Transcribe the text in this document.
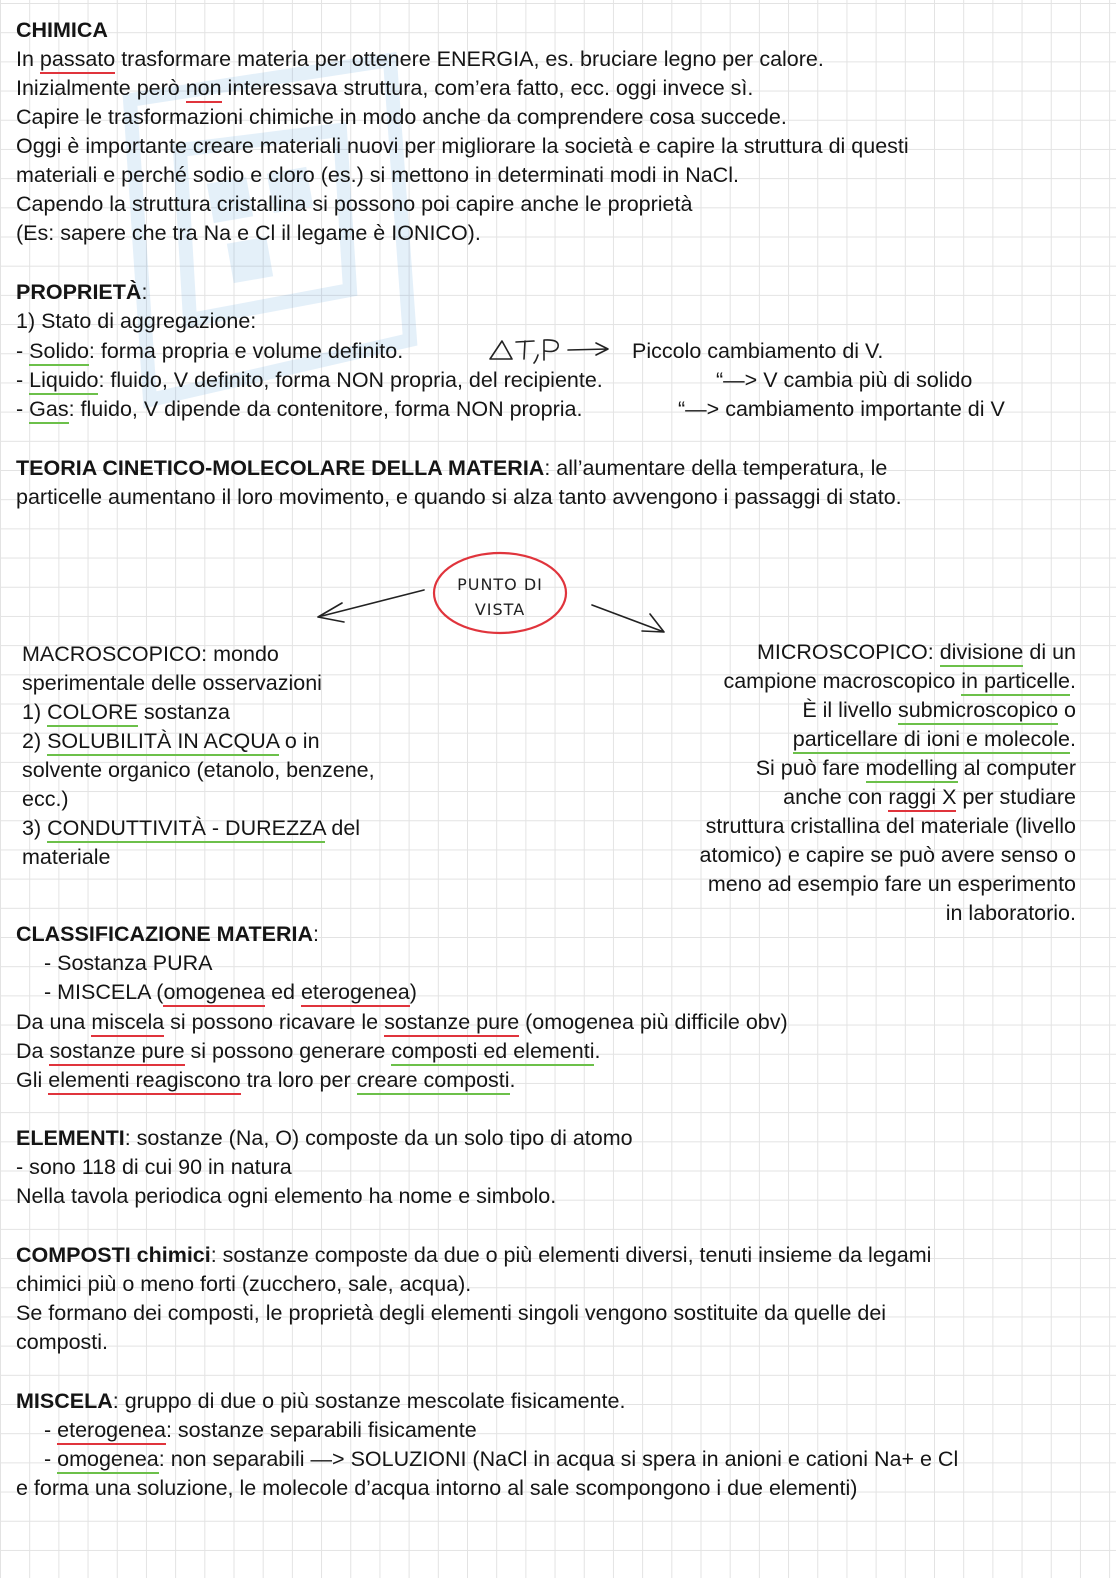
CHIMICA
In passato trasformare materia per ottenere ENERGIA, es. bruciare legno per calore.
Inizialmente però non interessava struttura, com’era fatto, ecc. oggi invece sì.
Capire le trasformazioni chimiche in modo anche da comprendere cosa succede.
Oggi è importante creare materiali nuovi per migliorare la società e capire la struttura di questi
materiali e perché sodio e cloro (es.) si mettono in determinati modi in NaCl.
Capendo la struttura cristallina si possono poi capire anche le proprietà
(Es: sapere che tra Na e Cl il legame è IONICO).
PROPRIETÀ:
1) Stato di aggregazione:
- Solido: forma propria e volume definito.	Piccolo cambiamento di V.
- Liquido: fluido, V definito, forma NON propria, del recipiente.	“—> V cambia più di solido
- Gas: fluido, V dipende da contenitore, forma NON propria.	“—> cambiamento importante di V
TEORIA CINETICO-MOLECOLARE DELLA MATERIA: all’aumentare della temperatura, le
particelle aumentano il loro movimento, e quando si alza tanto avvengono i passaggi di stato.
PUNTO DI
VISTA
MACROSCOPICO: mondo
sperimentale delle osservazioni
1) COLORE sostanza
2) SOLUBILITÀ IN ACQUA o in
solvente organico (etanolo, benzene,
ecc.)
3) CONDUTTIVITÀ - DUREZZA del
materiale
MICROSCOPICO: divisione di un
campione macroscopico in particelle.
È il livello submicroscopico o
particellare di ioni e molecole.
Si può fare modelling al computer
anche con raggi X per studiare
struttura cristallina del materiale (livello
atomico) e capire se può avere senso o
meno ad esempio fare un esperimento
in laboratorio.
CLASSIFICAZIONE MATERIA:
- Sostanza PURA
- MISCELA (omogenea ed eterogenea)
Da una miscela si possono ricavare le sostanze pure (omogenea più difficile obv)
Da sostanze pure si possono generare composti ed elementi.
Gli elementi reagiscono tra loro per creare composti.
ELEMENTI: sostanze (Na, O) composte da un solo tipo di atomo
- sono 118 di cui 90 in natura
Nella tavola periodica ogni elemento ha nome e simbolo.
COMPOSTI chimici: sostanze composte da due o più elementi diversi, tenuti insieme da legami
chimici più o meno forti (zucchero, sale, acqua).
Se formano dei composti, le proprietà degli elementi singoli vengono sostituite da quelle dei
composti.
MISCELA: gruppo di due o più sostanze mescolate fisicamente.
- eterogenea: sostanze separabili fisicamente
- omogenea: non separabili —> SOLUZIONI (NaCl in acqua si spera in anioni e cationi Na+ e Cl
e forma una soluzione, le molecole d’acqua intorno al sale scompongono i due elementi)
